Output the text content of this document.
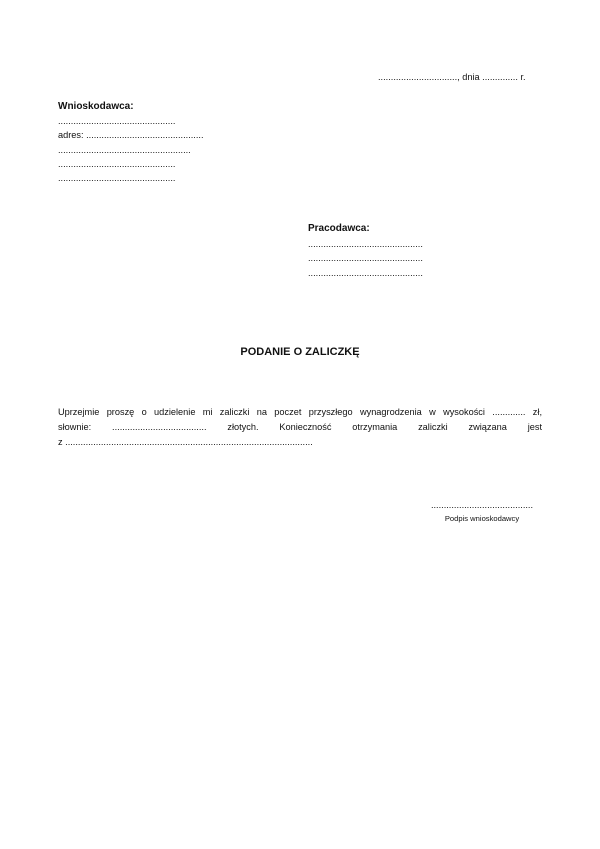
..............................., dnia .............. r.
Wnioskodawca:
..............................................
adres: ..............................................
....................................................
..............................................
..............................................
Pracodawca:
.............................................
.............................................
.............................................
PODANIE O ZALICZKĘ
Uprzejmie proszę o udzielenie mi zaliczki na poczet przyszłego wynagrodzenia w wysokości ............. zł,
słownie: ..................................... złotych. Konieczność otrzymania zaliczki związana jest
z .................................................................................................
........................................
Podpis wnioskodawcy
